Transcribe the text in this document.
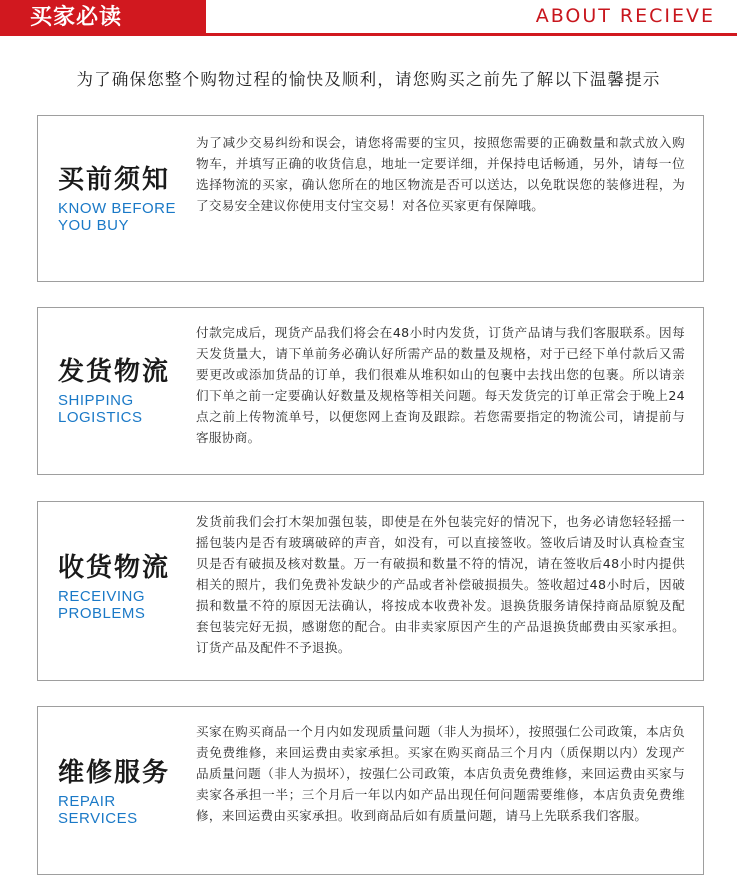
买家必读	ABOUT RECIEVE
为了确保您整个购物过程的愉快及顺利，请您购买之前先了解以下温馨提示
买前须知
KNOW BEFORE
YOU BUY
为了减少交易纠纷和误会，请您将需要的宝贝，按照您需要的正确数量和款式放入购物车，并填写正确的收货信息，地址一定要详细，并保持电话畅通，另外，请每一位选择物流的买家，确认您所在的地区物流是否可以送达，以免耽误您的装修进程，为了交易安全建议你使用支付宝交易！对各位买家更有保障哦。
发货物流
SHIPPING
LOGISTICS
付款完成后，现货产品我们将会在48小时内发货，订货产品请与我们客服联系。因每天发货量大，请下单前务必确认好所需产品的数量及规格，对于已经下单付款后又需要更改或添加货品的订单，我们很难从堆积如山的包裹中去找出您的包裹。所以请亲们下单之前一定要确认好数量及规格等相关问题。每天发货完的订单正常会于晚上24点之前上传物流单号，以便您网上查询及跟踪。若您需要指定的物流公司，请提前与客服协商。
收货物流
RECEIVING
PROBLEMS
发货前我们会打木架加强包装，即使是在外包装完好的情况下，也务必请您轻轻摇一摇包装内是否有玻璃破碎的声音，如没有，可以直接签收。签收后请及时认真检查宝贝是否有破损及核对数量。万一有破损和数量不符的情况，请在签收后48小时内提供相关的照片，我们免费补发缺少的产品或者补偿破损损失。签收超过48小时后，因破损和数量不符的原因无法确认，将按成本收费补发。退换货服务请保持商品原貌及配套包装完好无损，感谢您的配合。由非卖家原因产生的产品退换货邮费由买家承担。订货产品及配件不予退换。
维修服务
REPAIR
SERVICES
买家在购买商品一个月内如发现质量问题（非人为损坏），按照强仁公司政策，本店负责免费维修，来回运费由卖家承担。买家在购买商品三个月内（质保期以内）发现产品质量问题（非人为损坏），按强仁公司政策，本店负责免费维修，来回运费由买家与卖家各承担一半；三个月后一年以内如产品出现任何问题需要维修，本店负责免费维修，来回运费由买家承担。收到商品后如有质量问题，请马上先联系我们客服。
